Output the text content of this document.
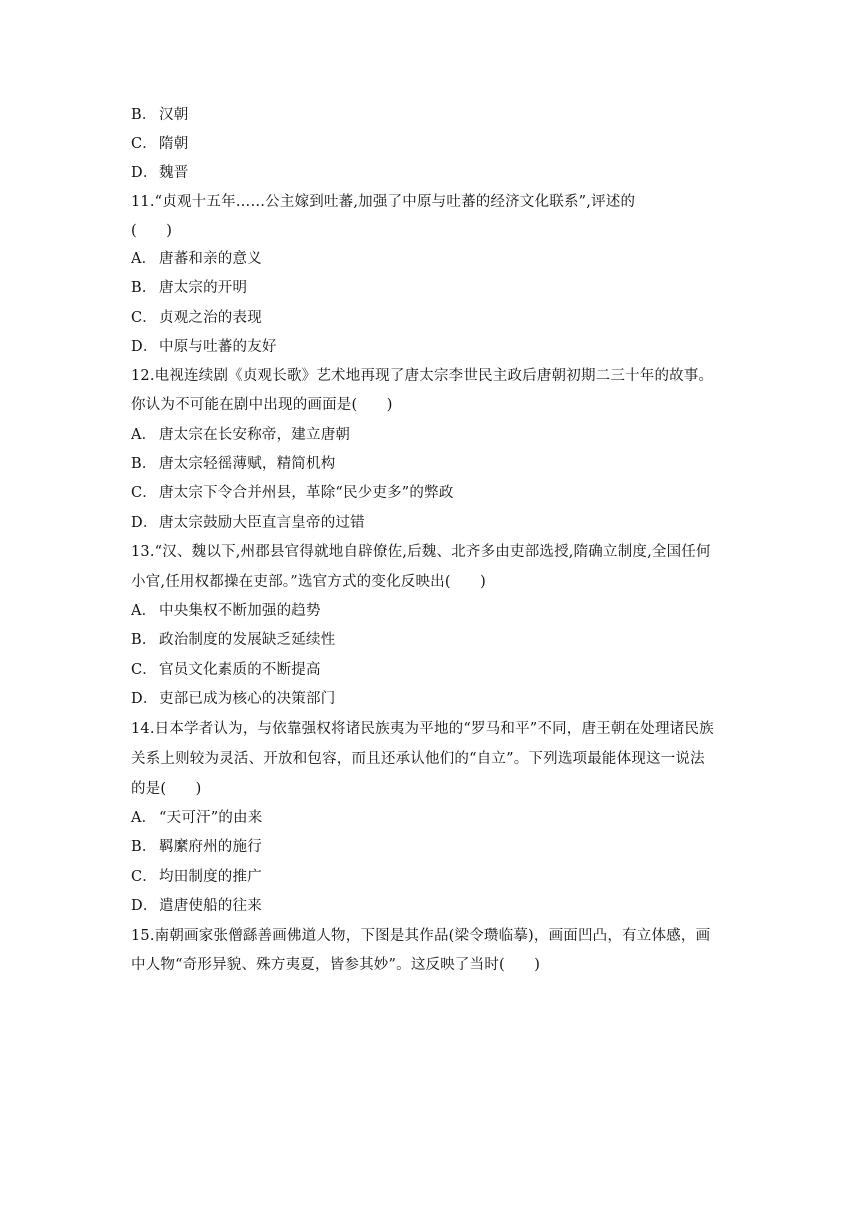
B． 汉朝
C． 隋朝
D．魏晋
11.“贞观十五年……公主嫁到吐蕃,加强了中原与吐蕃的经济文化联系”,评述的
(　　)
A． 唐蕃和亲的意义
B． 唐太宗的开明
C． 贞观之治的表现
D．中原与吐蕃的友好
12.电视连续剧《贞观长歌》艺术地再现了唐太宗李世民主政后唐朝初期二三十年的故事。
你认为不可能在剧中出现的画面是(　　)
A． 唐太宗在长安称帝，建立唐朝
B． 唐太宗轻徭薄赋，精简机构
C． 唐太宗下令合并州县，革除“民少吏多”的弊政
D．唐太宗鼓励大臣直言皇帝的过错
13.“汉、魏以下,州郡县官得就地自辟僚佐,后魏、北齐多由吏部选授,隋确立制度,全国任何
小官,任用权都操在吏部。”选官方式的变化反映出(　　)
A． 中央集权不断加强的趋势
B． 政治制度的发展缺乏延续性
C． 官员文化素质的不断提高
D．吏部已成为核心的决策部门
14.日本学者认为，与依靠强权将诸民族夷为平地的“罗马和平”不同，唐王朝在处理诸民族
关系上则较为灵活、开放和包容，而且还承认他们的“自立”。下列选项最能体现这一说法
的是(　　)
A． “天可汗”的由来
B． 羁縻府州的施行
C． 均田制度的推广
D．遣唐使船的往来
15.南朝画家张僧繇善画佛道人物，下图是其作品(梁令瓒临摹)，画面凹凸，有立体感，画
中人物“奇形异貌、殊方夷夏，皆参其妙”。这反映了当时(　　)
